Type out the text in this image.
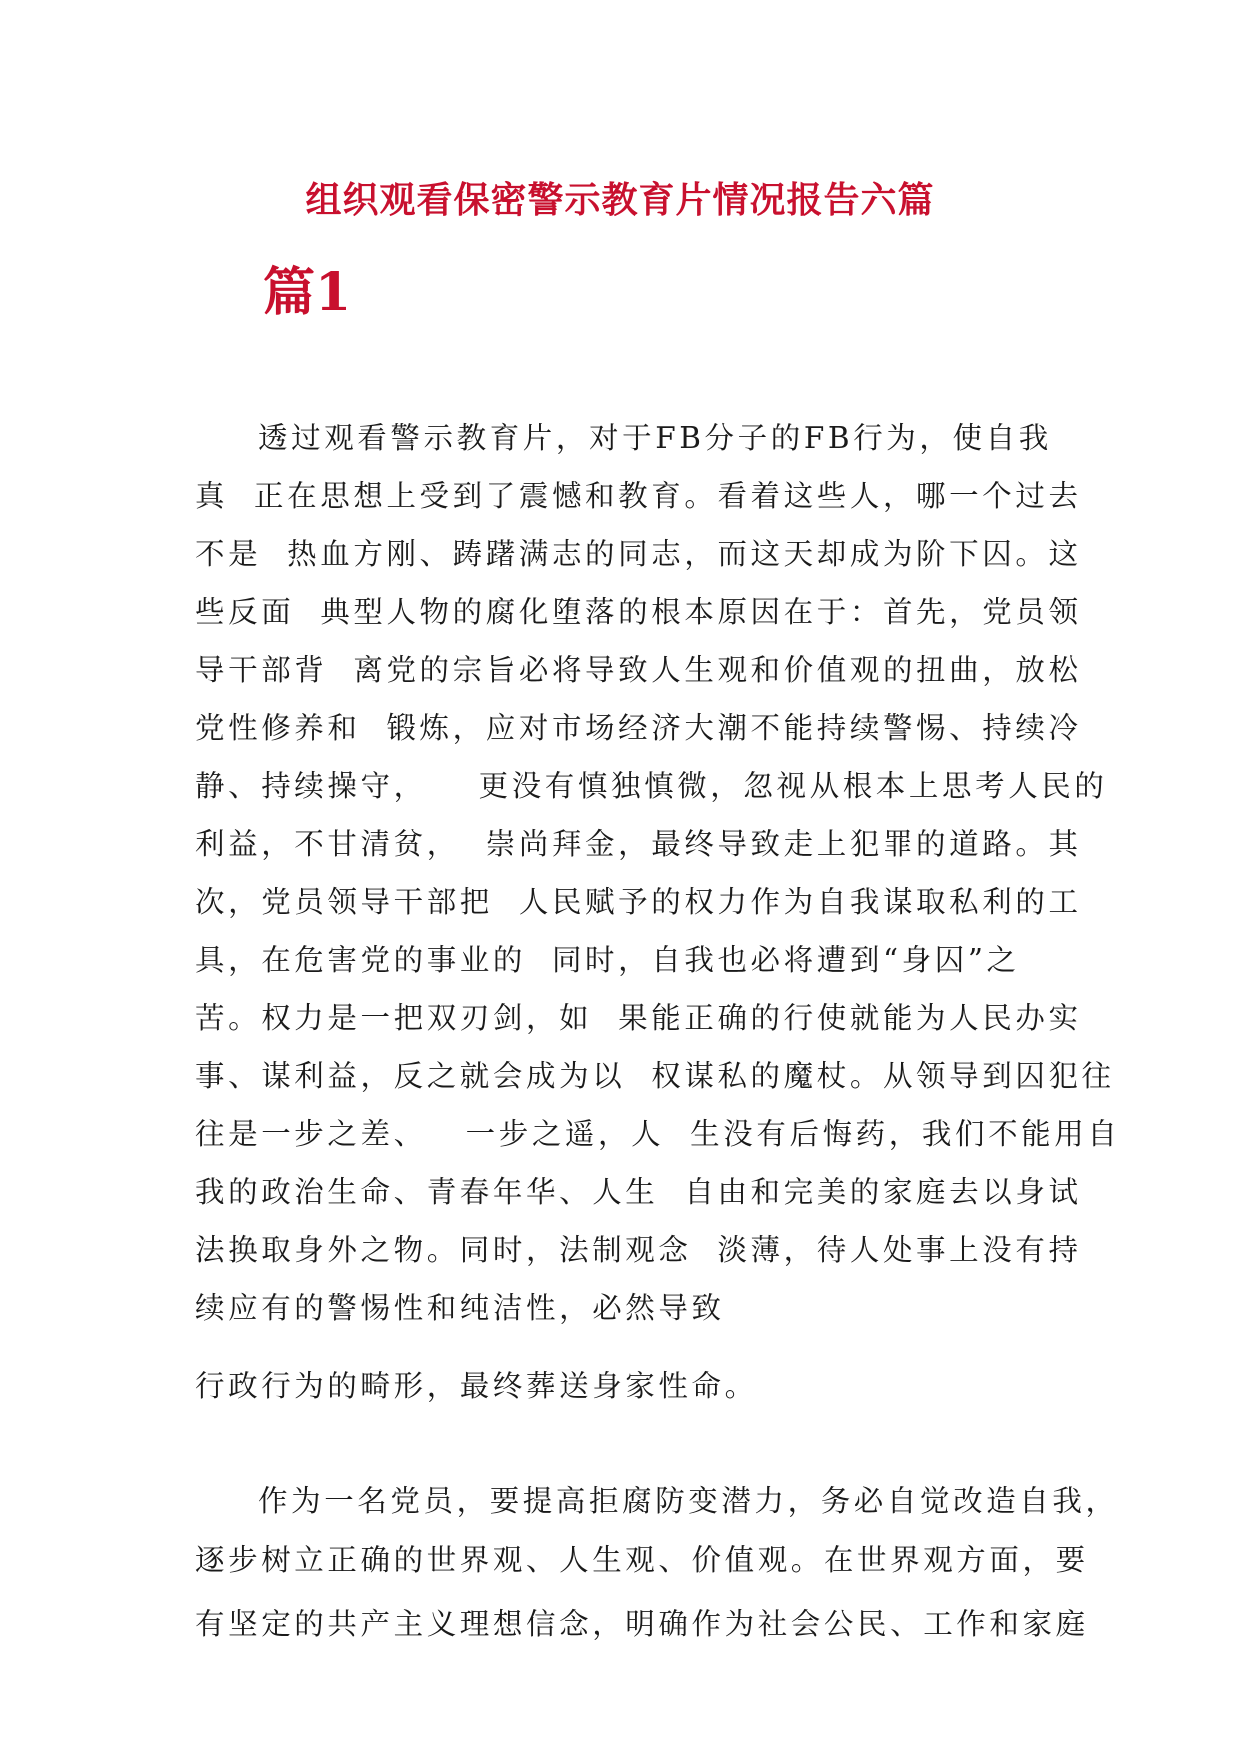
组织观看保密警示教育片情况报告六篇
篇1
透过观看警示教育片，对于FB分子的FB行为，使自我
真  正在思想上受到了震憾和教育。看着这些人，哪一个过去
不是  热血方刚、踌躇满志的同志，而这天却成为阶下囚。这
些反面  典型人物的腐化堕落的根本原因在于：首先，党员领
导干部背  离党的宗旨必将导致人生观和价值观的扭曲，放松
党性修养和  锻炼，应对市场经济大潮不能持续警惕、持续冷
静、持续操守，    更没有慎独慎微，忽视从根本上思考人民的
利益，不甘清贫，  崇尚拜金，最终导致走上犯罪的道路。其
次，党员领导干部把  人民赋予的权力作为自我谋取私利的工
具，在危害党的事业的  同时，自我也必将遭到“身囚”之
苦。权力是一把双刃剑，如  果能正确的行使就能为人民办实
事、谋利益，反之就会成为以  权谋私的魔杖。从领导到囚犯往
往是一步之差、   一步之遥，人  生没有后悔药，我们不能用自
我的政治生命、青春年华、人生  自由和完美的家庭去以身试
法换取身外之物。同时，法制观念  淡薄，待人处事上没有持
续应有的警惕性和纯洁性，必然导致
行政行为的畸形，最终葬送身家性命。
作为一名党员，要提高拒腐防变潜力，务必自觉改造自我，
逐步树立正确的世界观、人生观、价值观。在世界观方面，要
有坚定的共产主义理想信念，明确作为社会公民、工作和家庭
